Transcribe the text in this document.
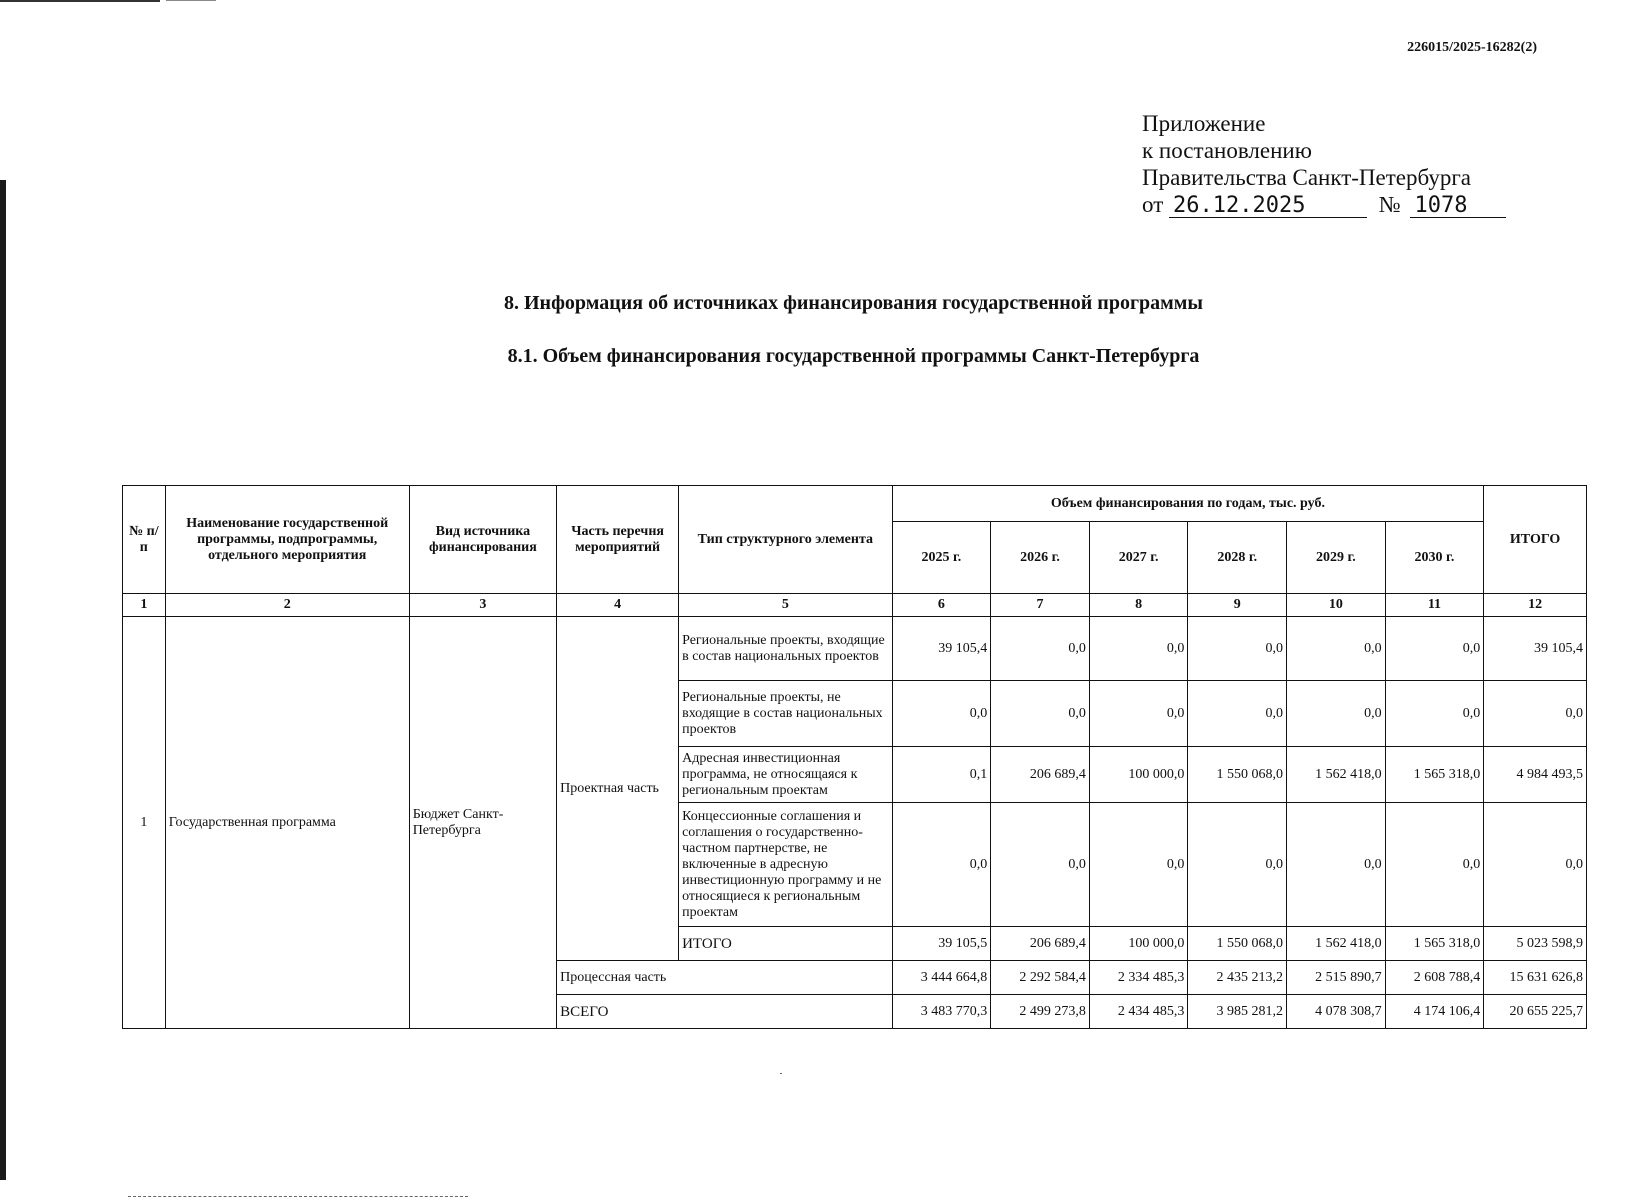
226015/2025-16282(2)
Приложение
к постановлению
Правительства Санкт-Петербурга
от 26.12.2025	№ 1078
8. Информация об источниках финансирования государственной программы
8.1. Объем финансирования государственной программы Санкт-Петербурга
№ п/п	Наименование государственной программы, подпрограммы, отдельного мероприятия	Вид источника финансирования	Часть перечня мероприятий	Тип структурного элемента	Объем финансирования по годам, тыс. руб.						ИТОГО
					2025 г.	2026 г.	2027 г.	2028 г.	2029 г.	2030 г.	
1	2	3	4	5	6	7	8	9	10	11	12
1	Государственная программа	Бюджет Санкт-Петербурга	Проектная часть	Региональные проекты, входящие в состав национальных проектов	39 105,4	0,0	0,0	0,0	0,0	0,0	39 105,4
				Региональные проекты, не входящие в состав национальных проектов	0,0	0,0	0,0	0,0	0,0	0,0	0,0
				Адресная инвестиционная программа, не относящаяся к региональным проектам	0,1	206 689,4	100 000,0	1 550 068,0	1 562 418,0	1 565 318,0	4 984 493,5
				Концессионные соглашения и соглашения о государственно-частном партнерстве, не включенные в адресную инвестиционную программу и не относящиеся к региональным проектам	0,0	0,0	0,0	0,0	0,0	0,0	0,0
				ИТОГО	39 105,5	206 689,4	100 000,0	1 550 068,0	1 562 418,0	1 565 318,0	5 023 598,9
			Процессная часть		3 444 664,8	2 292 584,4	2 334 485,3	2 435 213,2	2 515 890,7	2 608 788,4	15 631 626,8
			ВСЕГО		3 483 770,3	2 499 273,8	2 434 485,3	3 985 281,2	4 078 308,7	4 174 106,4	20 655 225,7
